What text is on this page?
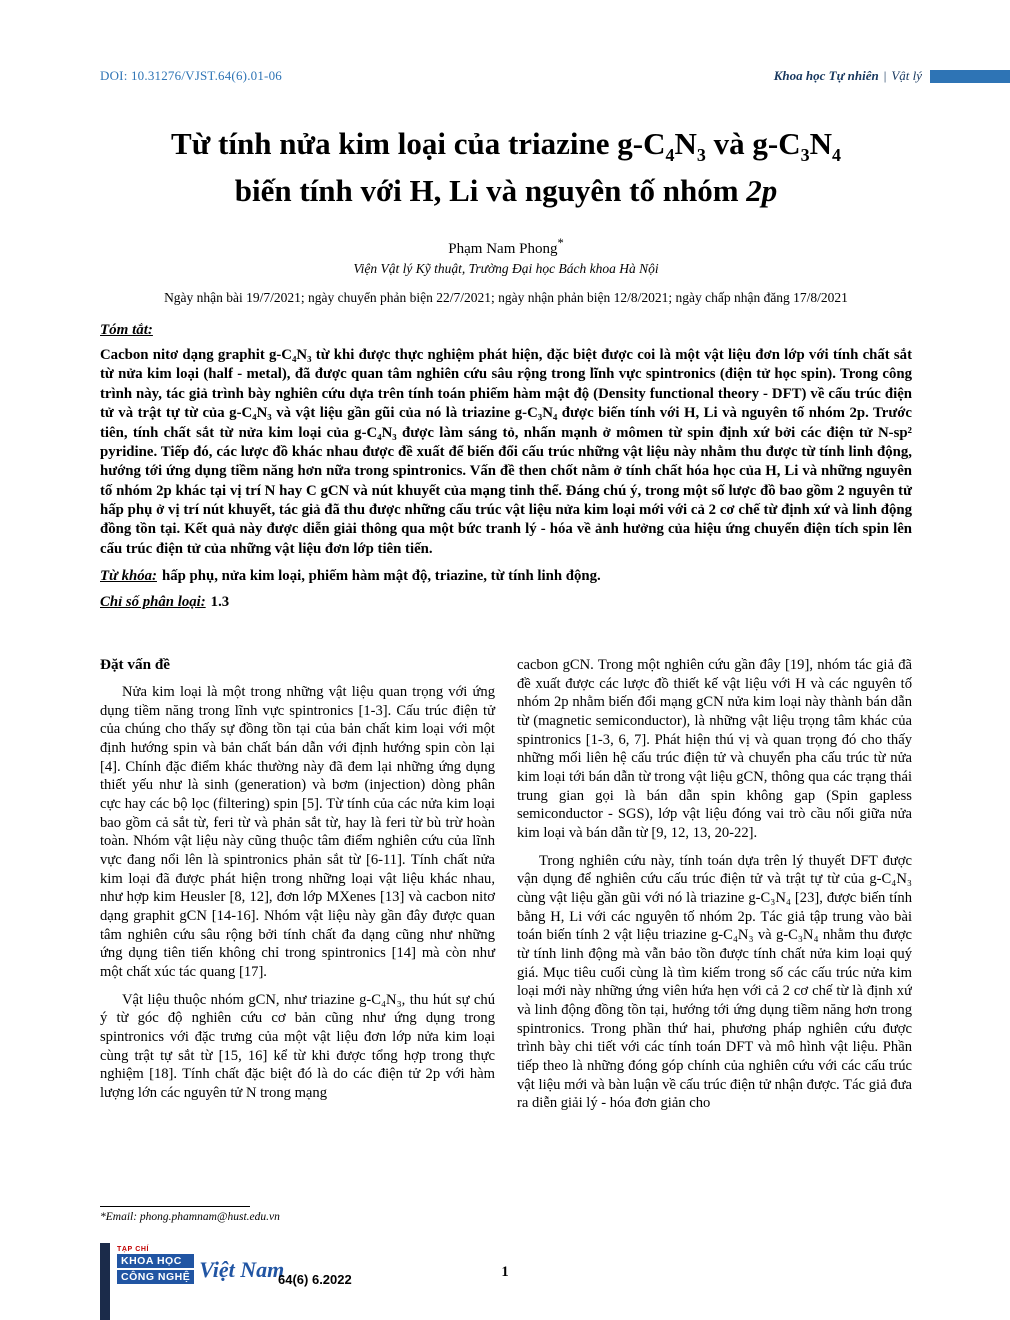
DOI: 10.31276/VJST.64(6).01-06	Khoa học Tự nhiên | Vật lý
Từ tính nửa kim loại của triazine $g-C_4N_3$ và $g-C_3N_4$
biến tính với H, Li và nguyên tố nhóm 2p
Phạm Nam Phong*
Viện Vật lý Kỹ thuật, Trường Đại học Bách khoa Hà Nội
Ngày nhận bài 19/7/2021; ngày chuyển phản biện 22/7/2021; ngày nhận phản biện 12/8/2021; ngày chấp nhận đăng 17/8/2021
Tóm tắt:

Cacbon nitơ dạng graphit g-C₄N₃ từ khi được thực nghiệm phát hiện, đặc biệt được coi là một vật liệu đơn lớp với tính chất sắt từ nửa kim loại (half - metal), đã được quan tâm nghiên cứu sâu rộng trong lĩnh vực spintronics (điện tử học spin). Trong công trình này, tác giả trình bày nghiên cứu dựa trên tính toán phiếm hàm mật độ (Density functional theory - DFT) về cấu trúc điện tử và trật tự từ của g-C₄N₃ và vật liệu gần gũi của nó là triazine g-C₃N₄ được biến tính với H, Li và nguyên tố nhóm 2p. Trước tiên, tính chất sắt từ nửa kim loại của g-C₄N₃ được làm sáng tỏ, nhấn mạnh ở mômen từ spin định xứ bởi các điện tử N-sp² pyridine. Tiếp đó, các lược đồ khác nhau được đề xuất để biến đổi cấu trúc những vật liệu này nhằm thu được từ tính linh động, hướng tới ứng dụng tiềm năng hơn nữa trong spintronics. Vấn đề then chốt nằm ở tính chất hóa học của H, Li và những nguyên tố nhóm 2p khác tại vị trí N hay C gCN và nút khuyết của mạng tinh thể. Đáng chú ý, trong một số lược đồ bao gồm 2 nguyên tử hấp phụ ở vị trí nút khuyết, tác giả đã thu được những cấu trúc vật liệu nửa kim loại mới với cả 2 cơ chế từ định xứ và linh động đồng tồn tại. Kết quả này được diễn giải thông qua một bức tranh lý - hóa về ảnh hưởng của hiệu ứng chuyển điện tích spin lên cấu trúc điện tử của những vật liệu đơn lớp tiên tiến.

Từ khóa: hấp phụ, nửa kim loại, phiếm hàm mật độ, triazine, từ tính linh động.

Chỉ số phân loại: 1.3

Đặt vấn đề

Nửa kim loại là một trong những vật liệu quan trọng với ứng dụng tiềm năng trong lĩnh vực spintronics [1-3]. Cấu trúc điện tử của chúng cho thấy sự đồng tồn tại của bản chất kim loại với một định hướng spin và bản chất bán dẫn với định hướng spin còn lại [4]. Chính đặc điểm khác thường này đã đem lại những ứng dụng thiết yếu như là sinh (generation) và bơm (injection) dòng phân cực hay các bộ lọc (filtering) spin [5]. Từ tính của các nửa kim loại bao gồm cả sắt từ, feri từ và phản sắt từ, hay là feri từ bù trừ hoàn toàn. Nhóm vật liệu này cũng thuộc tâm điểm nghiên cứu của lĩnh vực đang nổi lên là spintronics phản sắt từ [6-11]. Tính chất nửa kim loại đã được phát hiện trong những loại vật liệu khác nhau, như hợp kim Heusler [8, 12], đơn lớp MXenes [13] và cacbon nitơ dạng graphit gCN [14-16]. Nhóm vật liệu này gần đây được quan tâm nghiên cứu sâu rộng bởi tính chất đa dạng cũng như những ứng dụng tiên tiến không chỉ trong spintronics [14] mà còn như một chất xúc tác quang [17].

Vật liệu thuộc nhóm gCN, như triazine g-C₄N₃, thu hút sự chú ý từ góc độ nghiên cứu cơ bản cũng như ứng dụng trong spintronics với đặc trưng của một vật liệu đơn lớp nửa kim loại cùng trật tự sắt từ [15, 16] kể từ khi được tổng hợp trong thực nghiệm [18]. Tính chất đặc biệt đó là do các điện tử 2p với hàm lượng lớn các nguyên tử N trong mạng

cacbon gCN. Trong một nghiên cứu gần đây [19], nhóm tác giả đã đề xuất được các lược đồ thiết kế vật liệu với H và các nguyên tố nhóm 2p nhằm biến đổi mạng gCN nửa kim loại này thành bán dẫn từ (magnetic semiconductor), là những vật liệu trọng tâm khác của spintronics [1-3, 6, 7]. Phát hiện thú vị và quan trọng đó cho thấy những mối liên hệ cấu trúc điện tử và chuyển pha cấu trúc từ nửa kim loại tới bán dẫn từ trong vật liệu gCN, thông qua các trạng thái trung gian gọi là bán dẫn spin không gap (Spin gapless semiconductor - SGS), lớp vật liệu đóng vai trò cầu nối giữa nửa kim loại và bán dẫn từ [9, 12, 13, 20-22].

Trong nghiên cứu này, tính toán dựa trên lý thuyết DFT được vận dụng để nghiên cứu cấu trúc điện tử và trật tự từ của g-C₄N₃ cùng vật liệu gần gũi với nó là triazine g-C₃N₄ [23], được biến tính bằng H, Li với các nguyên tố nhóm 2p. Tác giả tập trung vào bài toán biến tính 2 vật liệu triazine g-C₄N₃ và g-C₃N₄ nhằm thu được từ tính linh động mà vẫn bảo tồn được tính chất nửa kim loại quý giá. Mục tiêu cuối cùng là tìm kiếm trong số các cấu trúc nửa kim loại mới này những ứng viên hứa hẹn với cả 2 cơ chế từ là định xứ và linh động đồng tồn tại, hướng tới ứng dụng tiềm năng hơn trong spintronics. Trong phần thứ hai, phương pháp nghiên cứu được trình bày chi tiết với các tính toán DFT và mô hình vật liệu. Phần tiếp theo là những đóng góp chính của nghiên cứu với các cấu trúc vật liệu mới và bàn luận về cấu trúc điện tử nhận được. Tác giả đưa ra diễn giải lý - hóa đơn giản cho

*Email: phong.phamnam@hust.edu.vn
TẠP CHÍ
KHOA HỌC
CÔNG NGHỆ Việt Nam
64(6) 6.2022	1
